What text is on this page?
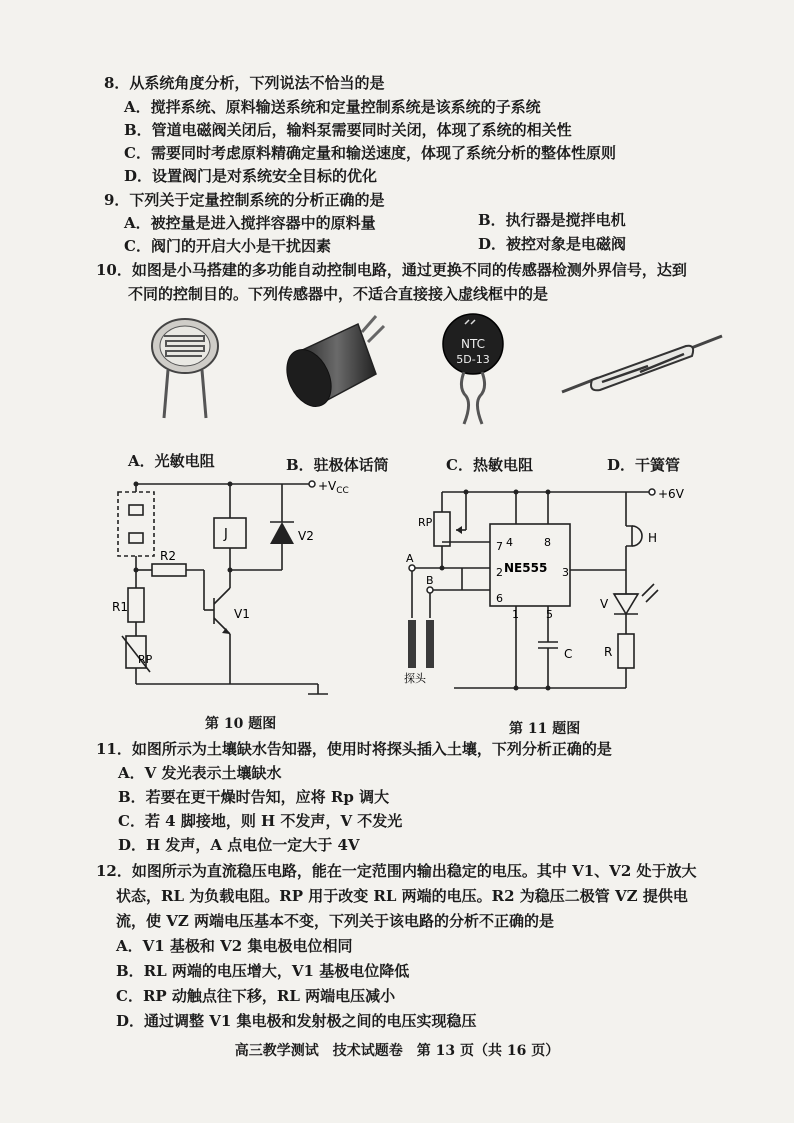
8．从系统角度分析，下列说法不恰当的是
A．搅拌系统、原料输送系统和定量控制系统是该系统的子系统
B．管道电磁阀关闭后，输料泵需要同时关闭，体现了系统的相关性
C．需要同时考虑原料精确定量和输送速度，体现了系统分析的整体性原则
D．设置阀门是对系统安全目标的优化
9．下列关于定量控制系统的分析正确的是
A．被控量是进入搅拌容器中的原料量	B．执行器是搅拌电机
C．阀门的开启大小是干扰因素	D．被控对象是电磁阀
10．如图是小马搭建的多功能自动控制电路，通过更换不同的传感器检测外界信号，达到
不同的控制目的。下列传感器中，不适合直接接入虚线框中的是
NTC
5D-13
A．光敏电阻	B．驻极体话筒	C．热敏电阻	D．干簧管
$+V_{CC}$
J	V2
R2
R1	V1
RP
第 10 题图
+6V
RP
4	8
7
2 NE555 3
6
1 5
A
B
H
V
R
C
探头
第 11 题图
11．如图所示为土壤缺水告知器，使用时将探头插入土壤，下列分析正确的是
A．V 发光表示土壤缺水
B．若要在更干燥时告知，应将 Rp 调大
C．若 4 脚接地，则 H 不发声，V 不发光
D．H 发声，A 点电位一定大于 4V
12．如图所示为直流稳压电路，能在一定范围内输出稳定的电压。其中 V1、V2 处于放大
状态，RL 为负载电阻。RP 用于改变 RL 两端的电压。R2 为稳压二极管 VZ 提供电
流，使 VZ 两端电压基本不变，下列关于该电路的分析不正确的是
A．V1 基极和 V2 集电极电位相同
B．RL 两端的电压增大，V1 基极电位降低
C．RP 动触点往下移，RL 两端电压减小
D．通过调整 V1 集电极和发射极之间的电压实现稳压
高三教学测试　技术试题卷　第 13 页（共 16 页）
